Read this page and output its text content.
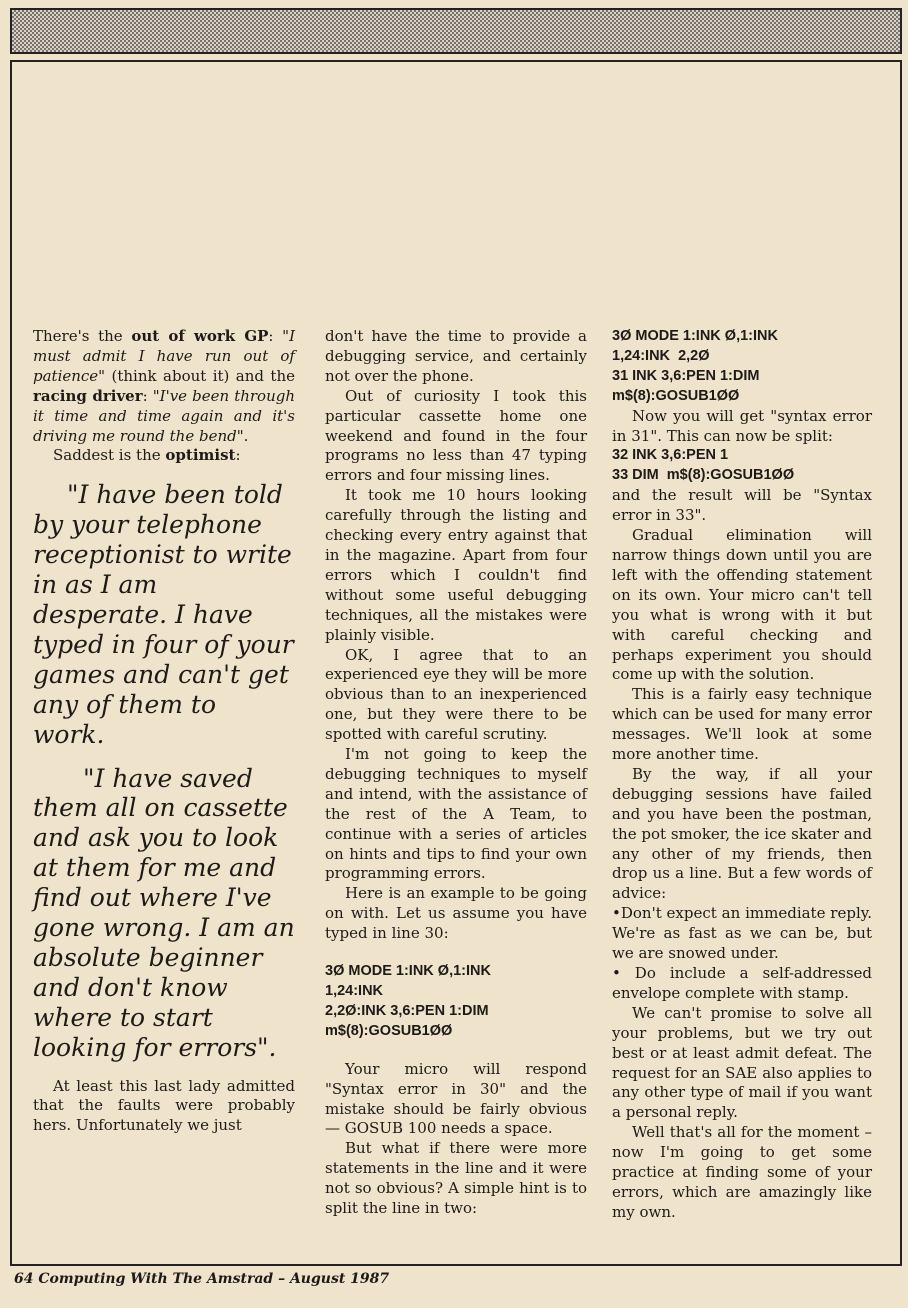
There's the out of work GP: "I must admit I have run out of patience" (think about it) and the racing driver: "I've been through it time and time again and it's driving me round the bend".

Saddest is the optimist:

"I have been told by your telephone receptionist to write in as I am desperate. I have typed in four of your games and can't get any of them to work.

"I have saved them all on cassette and ask you to look at them for me and find out where I've gone wrong. I am an absolute beginner and don't know where to start looking for errors".

At least this last lady admitted that the faults were probably hers. Unfortunately we just

don't have the time to provide a debugging service, and certainly not over the phone.

Out of curiosity I took this particular cassette home one weekend and found in the four programs no less than 47 typing errors and four missing lines.

It took me 10 hours looking carefully through the listing and checking every entry against that in the magazine. Apart from four errors which I couldn't find without some useful debugging techniques, all the mistakes were plainly visible.

OK, I agree that to an experienced eye they will be more obvious than to an inexperienced one, but they were there to be spotted with careful scrutiny.

I'm not going to keep the debugging techniques to myself and intend, with the assistance of the rest of the A Team, to continue with a series of articles on hints and tips to find your own programming errors.

Here is an example to be going on with. Let us assume you have typed in line 30:

3Ø MODE 1:INK Ø,1:INK
1,24:INK
2,2Ø:INK 3,6:PEN 1:DIM
m$(8):GOSUB1ØØ

Your micro will respond "Syntax error in 30" and the mistake should be fairly obvious — GOSUB 100 needs a space.

But what if there were more statements in the line and it were not so obvious? A simple hint is to split the line in two:

3Ø MODE 1:INK Ø,1:INK
1,24:INK  2,2Ø
31 INK 3,6:PEN 1:DIM
m$(8):GOSUB1ØØ

Now you will get "syntax error in 31". This can now be split:

32 INK 3,6:PEN 1
33 DIM  m$(8):GOSUB1ØØ

and the result will be "Syntax error in 33".

Gradual elimination will narrow things down until you are left with the offending statement on its own. Your micro can't tell you what is wrong with it but with careful checking and perhaps experiment you should come up with the solution.

This is a fairly easy technique which can be used for many error messages. We'll look at some more another time.

By the way, if all your debugging sessions have failed and you have been the postman, the pot smoker, the ice skater and any other of my friends, then drop us a line. But a few words of advice:

•Don't expect an immediate reply. We're as fast as we can be, but we are snowed under.

• Do include a self-addressed envelope complete with stamp.

We can't promise to solve all your problems, but we try out best or at least admit defeat. The request for an SAE also applies to any other type of mail if you want a personal reply.

Well that's all for the moment – now I'm going to get some practice at finding some of your errors, which are amazingly like my own.

64 Computing With The Amstrad – August 1987
